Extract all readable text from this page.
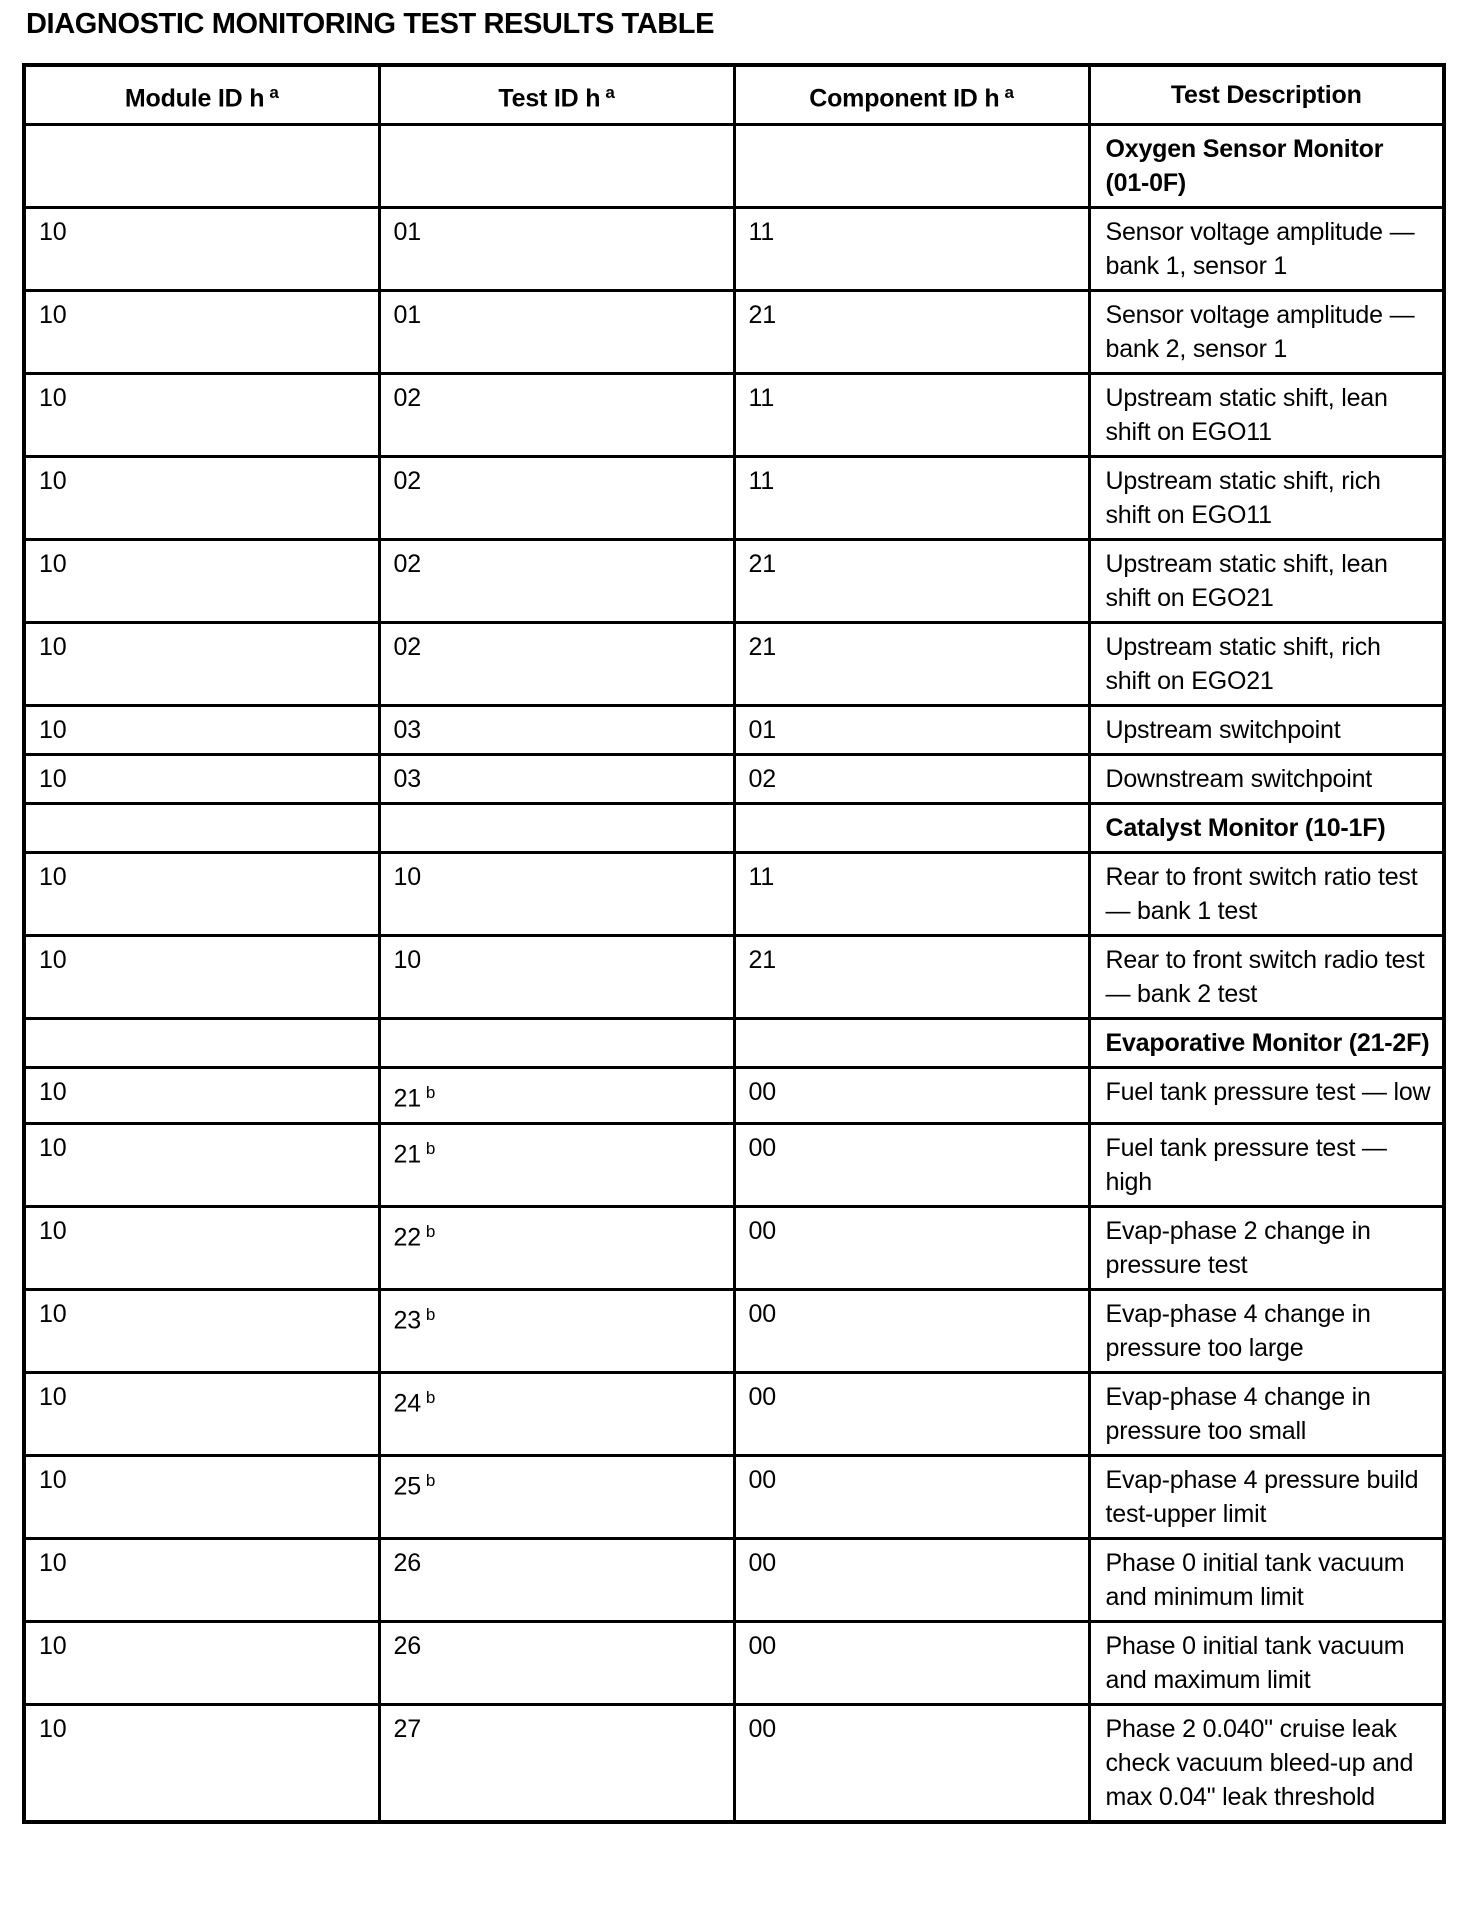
DIAGNOSTIC MONITORING TEST RESULTS TABLE
Module ID h $^a$	Test ID h $^a$	Component ID h $^a$	Test Description
			Oxygen Sensor Monitor (01-0F)
10	01	11	Sensor voltage amplitude — bank 1, sensor 1
10	01	21	Sensor voltage amplitude — bank 2, sensor 1
10	02	11	Upstream static shift, lean shift on EGO11
10	02	11	Upstream static shift, rich shift on EGO11
10	02	21	Upstream static shift, lean shift on EGO21
10	02	21	Upstream static shift, rich shift on EGO21
10	03	01	Upstream switchpoint
10	03	02	Downstream switchpoint
			Catalyst Monitor (10-1F)
10	10	11	Rear to front switch ratio test — bank 1 test
10	10	21	Rear to front switch radio test — bank 2 test
			Evaporative Monitor (21-2F)
10	21 $^b$	00	Fuel tank pressure test — low
10	21 $^b$	00	Fuel tank pressure test — high
10	22 $^b$	00	Evap-phase 2 change in pressure test
10	23 $^b$	00	Evap-phase 4 change in pressure too large
10	24 $^b$	00	Evap-phase 4 change in pressure too small
10	25 $^b$	00	Evap-phase 4 pressure build test-upper limit
10	26	00	Phase 0 initial tank vacuum and minimum limit
10	26	00	Phase 0 initial tank vacuum and maximum limit
10	27	00	Phase 2 0.040" cruise leak check vacuum bleed-up and max 0.04" leak threshold
